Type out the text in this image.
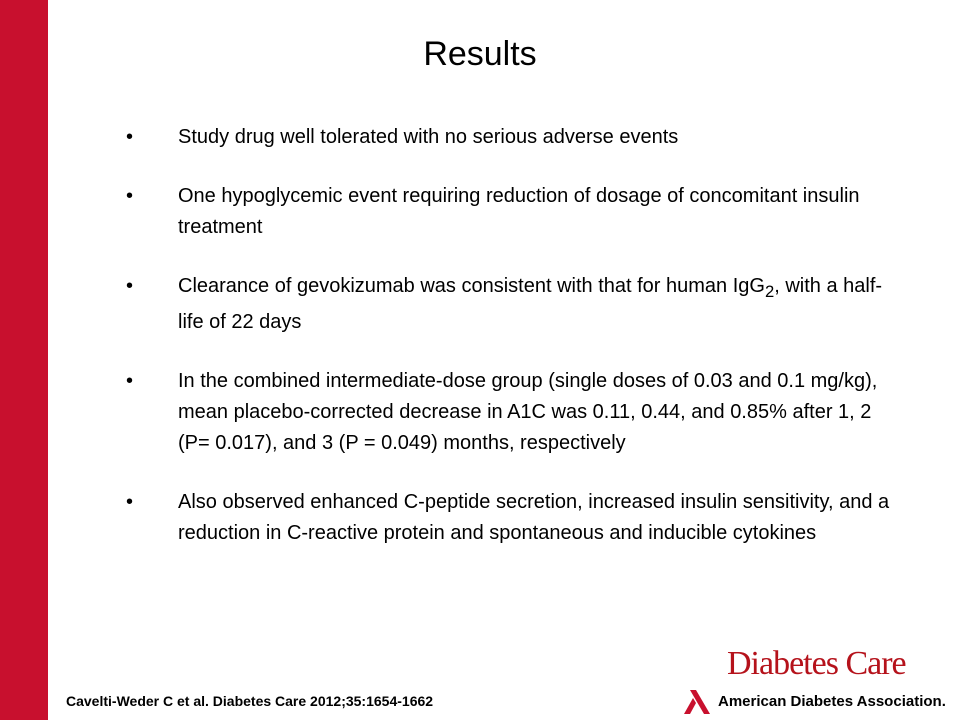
Results
• Study drug well tolerated with no serious adverse events
• One hypoglycemic event requiring reduction of dosage of concomitant insulin treatment
• Clearance of gevokizumab was consistent with that for human IgG$_2$, with a half-life of 22 days
• In the combined intermediate-dose group (single doses of 0.03 and 0.1 mg/kg), mean placebo-corrected decrease in A1C was 0.11, 0.44, and 0.85% after 1, 2 (P= 0.017), and 3 (P = 0.049) months, respectively
• Also observed enhanced C-peptide secretion, increased insulin sensitivity, and a reduction in C-reactive protein and spontaneous and inducible cytokines
Cavelti-Weder C et al. Diabetes Care 2012;35:1654-1662
Diabetes Care
American Diabetes Association.
